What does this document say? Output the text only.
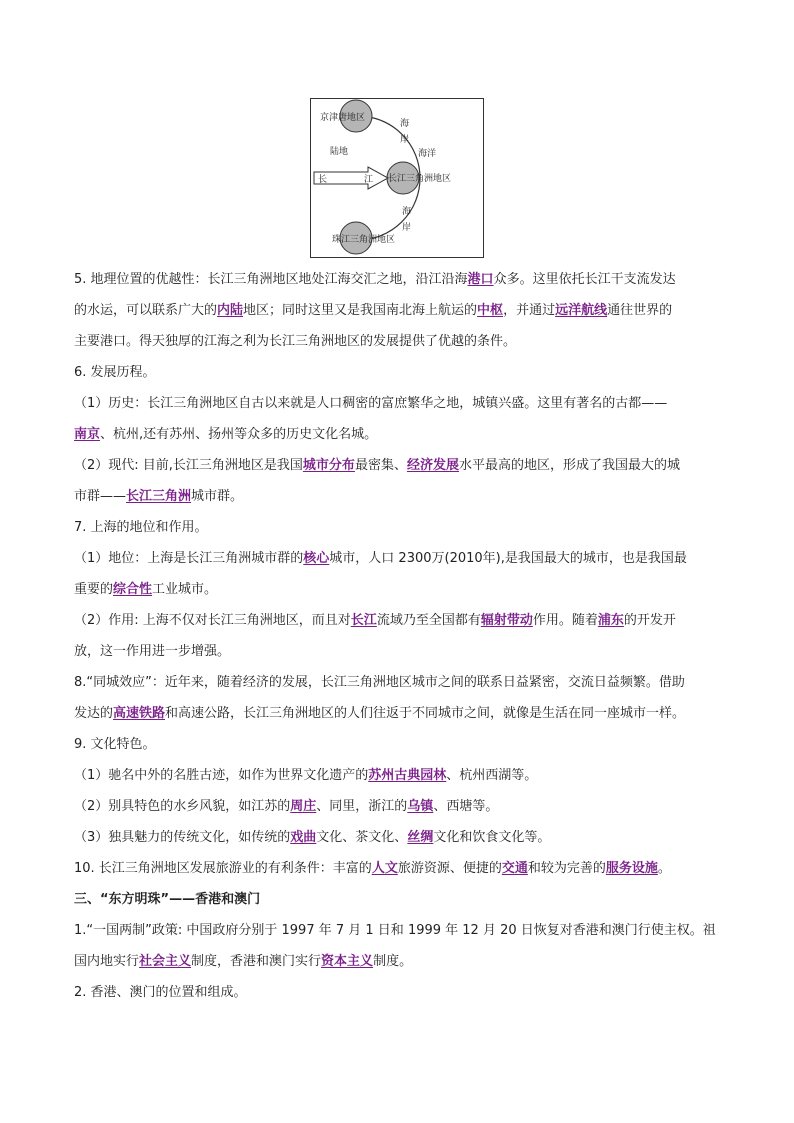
京津唐地区
陆地	海洋
长江三角洲地区
珠江三角洲地区
海
岸
海
岸
长	江
5. 地理位置的优越性：长江三角洲地区地处江海交汇之地，沿江沿海港口众多。这里依托长江干支流发达
的水运，可以联系广大的内陆地区；同时这里又是我国南北海上航运的中枢，并通过远洋航线通往世界的
主要港口。得天独厚的江海之利为长江三角洲地区的发展提供了优越的条件。
6. 发展历程。
（1）历史：长江三角洲地区自古以来就是人口稠密的富庶繁华之地，城镇兴盛。这里有著名的古都——
南京、杭州,还有苏州、扬州等众多的历史文化名城。
（2）现代: 目前,长江三角洲地区是我国城市分布最密集、经济发展水平最高的地区，形成了我国最大的城
市群——长江三角洲城市群。
7. 上海的地位和作用。
（1）地位：上海是长江三角洲城市群的核心城市，人口 2300万(2010年),是我国最大的城市，也是我国最
重要的综合性工业城市。
（2）作用: 上海不仅对长江三角洲地区，而且对长江流域乃至全国都有辐射带动作用。随着浦东的开发开
放，这一作用进一步增强。
8.“同城效应”：近年来，随着经济的发展，长江三角洲地区城市之间的联系日益紧密，交流日益频繁。借助
发达的高速铁路和高速公路，长江三角洲地区的人们往返于不同城市之间，就像是生活在同一座城市一样。
9. 文化特色。
（1）驰名中外的名胜古迹，如作为世界文化遗产的苏州古典园林、杭州西湖等。
（2）别具特色的水乡风貌，如江苏的周庄、同里，浙江的乌镇、西塘等。
（3）独具魅力的传统文化，如传统的戏曲文化、茶文化、丝绸文化和饮食文化等。
10. 长江三角洲地区发展旅游业的有利条件：丰富的人文旅游资源、便捷的交通和较为完善的服务设施。
三、“东方明珠”——香港和澳门
1.“一国两制”政策: 中国政府分别于 1997 年 7 月 1 日和 1999 年 12 月 20 日恢复对香港和澳门行使主权。祖
国内地实行社会主义制度，香港和澳门实行资本主义制度。
2. 香港、澳门的位置和组成。
